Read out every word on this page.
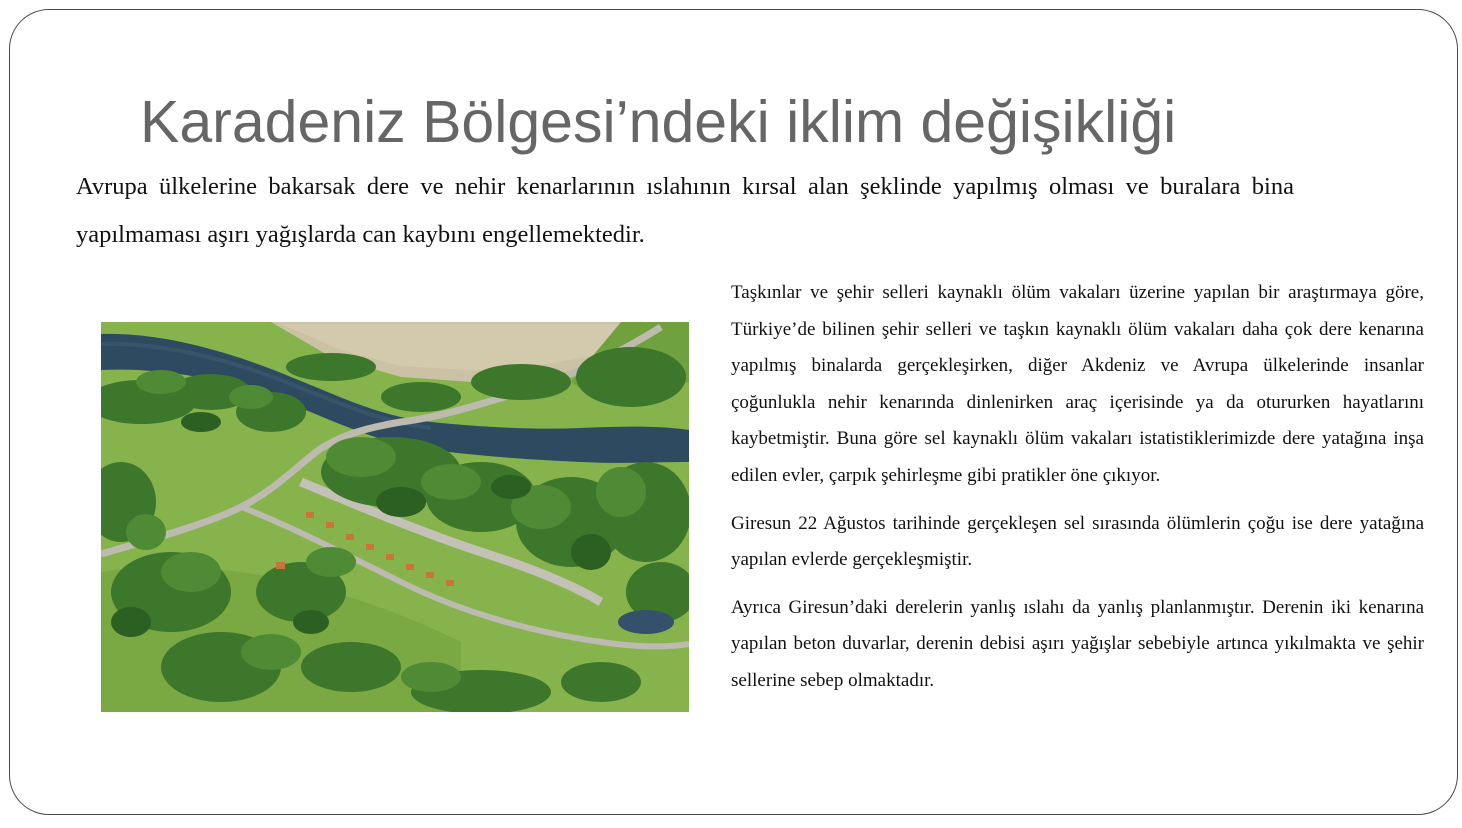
Karadeniz Bölgesi’ndeki iklim değişikliği

Avrupa ülkelerine bakarsak dere ve nehir kenarlarının ıslahının kırsal alan şeklinde yapılmış olması ve buralara bina yapılmaması aşırı yağışlarda can kaybını engellemektedir.

Taşkınlar ve şehir selleri kaynaklı ölüm vakaları üzerine yapılan bir araştırmaya göre, Türkiye’de bilinen şehir selleri ve taşkın kaynaklı ölüm vakaları daha çok dere kenarına yapılmış binalarda gerçekleşirken, diğer Akdeniz ve Avrupa ülkelerinde insanlar çoğunlukla nehir kenarında dinlenirken araç içerisinde ya da otururken hayatlarını kaybetmiştir. Buna göre sel kaynaklı ölüm vakaları istatistiklerimizde dere yatağına inşa edilen evler, çarpık şehirleşme gibi pratikler öne çıkıyor.

Giresun 22 Ağustos tarihinde gerçekleşen sel sırasında ölümlerin çoğu ise dere yatağına yapılan evlerde gerçekleşmiştir.

Ayrıca Giresun’daki derelerin yanlış ıslahı da yanlış planlanmıştır. Derenin iki kenarına yapılan beton duvarlar, derenin debisi aşırı yağışlar sebebiyle artınca yıkılmakta ve şehir sellerine sebep olmaktadır.
